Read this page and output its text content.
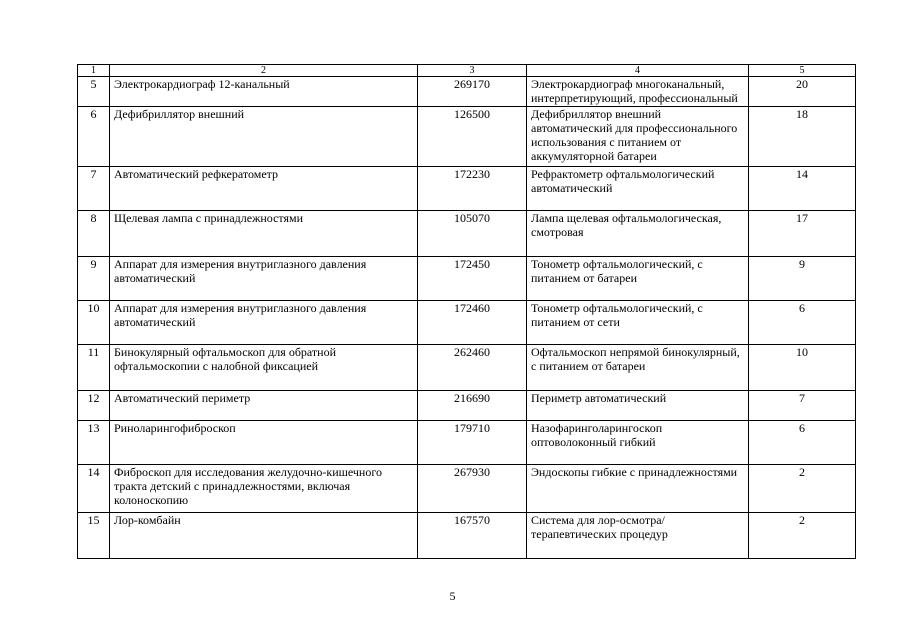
1	2	3	4	5
5	Электрокардиограф 12-канальный	269170	Электрокардиограф многоканальный, интерпретирующий, профессиональный	20
6	Дефибриллятор внешний	126500	Дефибриллятор внешний автоматический для профессионального использования с питанием от аккумуляторной батареи	18
7	Автоматический рефкератометр	172230	Рефрактометр офтальмологический автоматический	14
8	Щелевая лампа с принадлежностями	105070	Лампа щелевая офтальмологическая, смотровая	17
9	Аппарат для измерения внутриглазного давления автоматический	172450	Тонометр офтальмологический, с питанием от батареи	9
10	Аппарат для измерения внутриглазного давления автоматический	172460	Тонометр офтальмологический, с питанием от сети	6
11	Бинокулярный офтальмоскоп для обратной офтальмоскопии с налобной фиксацией	262460	Офтальмоскоп непрямой бинокулярный, с питанием от батареи	10
12	Автоматический периметр	216690	Периметр автоматический	7
13	Риноларингофиброскоп	179710	Назофаринголарингоскоп оптоволоконный гибкий	6
14	Фиброскоп для исследования желудочно-кишечного тракта детский с принадлежностями, включая колоноскопию	267930	Эндоскопы гибкие с принадлежностями	2
15	Лор-комбайн	167570	Система для лор-осмотра/терапевтических процедур	2
5
